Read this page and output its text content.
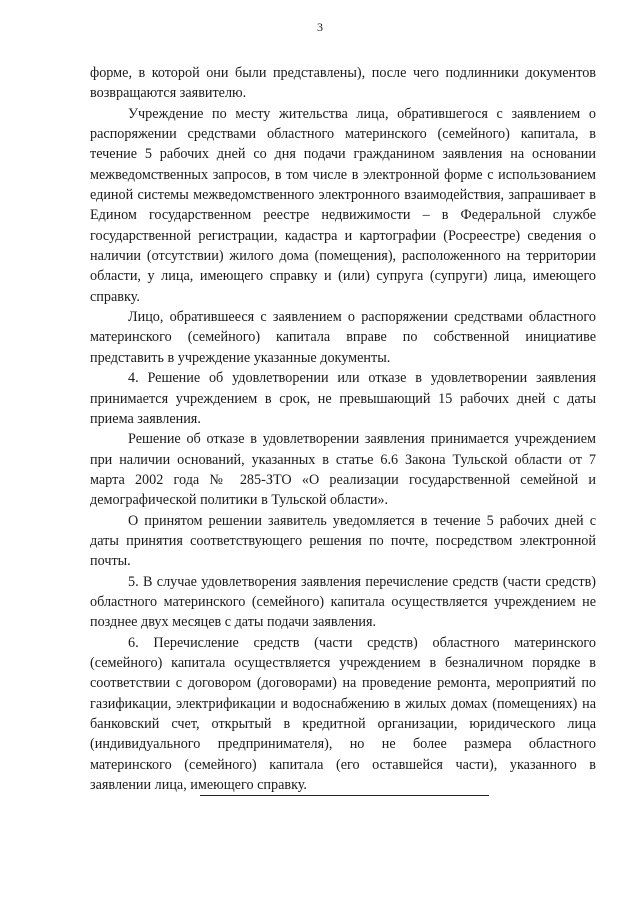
3

форме, в которой они были представлены), после чего подлинники документов возвращаются заявителю.

Учреждение по месту жительства лица, обратившегося с заявлением о распоряжении средствами областного материнского (семейного) капитала, в течение 5 рабочих дней со дня подачи гражданином заявления на основании межведомственных запросов, в том числе в электронной форме с использованием единой системы межведомственного электронного взаимодействия, запрашивает в Едином государственном реестре недвижимости – в Федеральной службе государственной регистрации, кадастра и картографии (Росреестре) сведения о наличии (отсутствии) жилого дома (помещения), расположенного на территории области, у лица, имеющего справку и (или) супруга (супруги) лица, имеющего справку.

Лицо, обратившееся с заявлением о распоряжении средствами областного материнского (семейного) капитала вправе по собственной инициативе представить в учреждение указанные документы.

4. Решение об удовлетворении или отказе в удовлетворении заявления принимается учреждением в срок, не превышающий 15 рабочих дней с даты приема заявления.

Решение об отказе в удовлетворении заявления принимается учреждением при наличии оснований, указанных в статье 6.6 Закона Тульской области от 7 марта 2002 года № 285-ЗТО «О реализации государственной семейной и демографической политики в Тульской области».

О принятом решении заявитель уведомляется в течение 5 рабочих дней с даты принятия соответствующего решения по почте, посредством электронной почты.

5. В случае удовлетворения заявления перечисление средств (части средств) областного материнского (семейного) капитала осуществляется учреждением не позднее двух месяцев с даты подачи заявления.

6. Перечисление средств (части средств) областного материнского (семейного) капитала осуществляется учреждением в безналичном порядке в соответствии с договором (договорами) на проведение ремонта, мероприятий по газификации, электрификации и водоснабжению в жилых домах (помещениях) на банковский счет, открытый в кредитной организации, юридического лица (индивидуального предпринимателя), но не более размера областного материнского (семейного) капитала (его оставшейся части), указанного в заявлении лица, имеющего справку.
